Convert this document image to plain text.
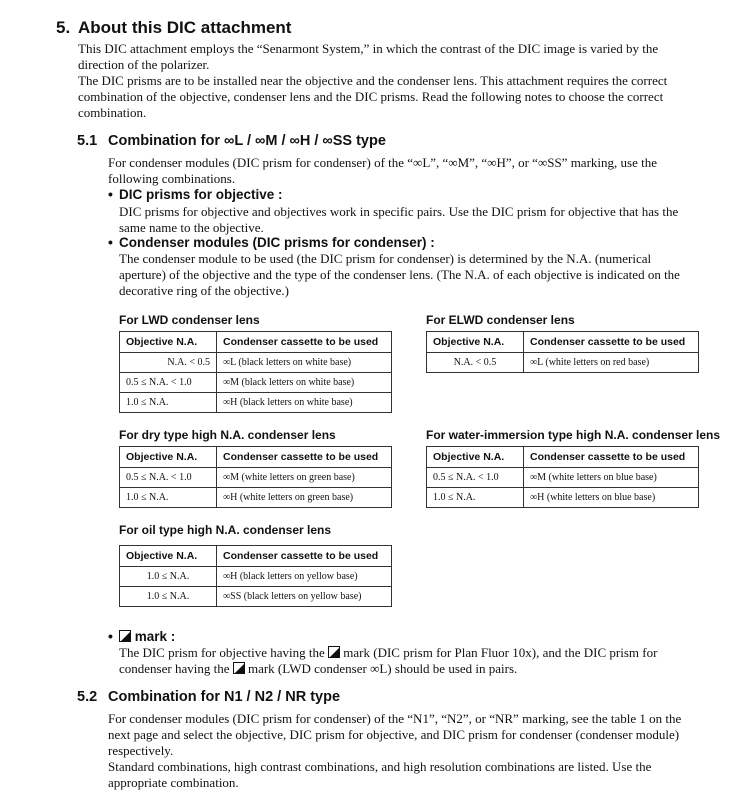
5. About this DIC attachment
This DIC attachment employs the “Senarmont System,” in which the contrast of the DIC image is varied by the
direction of the polarizer.
The DIC prisms are to be installed near the objective and the condenser lens. This attachment requires the correct
combination of the objective, condenser lens and the DIC prisms. Read the following notes to choose the correct
combination.
5.1 Combination for ∞L / ∞M / ∞H / ∞SS type
For condenser modules (DIC prism for condenser) of the “∞L”, “∞M”, “∞H”, or “∞SS” marking, use the
following combinations.
• DIC prisms for objective :
DIC prisms for objective and objectives work in specific pairs. Use the DIC prism for objective that has the
same name to the objective.
• Condenser modules (DIC prisms for condenser) :
The condenser module to be used (the DIC prism for condenser) is determined by the N.A. (numerical
aperture) of the objective and the type of the condenser lens. (The N.A. of each objective is indicated on the
decorative ring of the objective.)
For LWD condenser lens
Objective N.A.	Condenser cassette to be used
N.A. < 0.5	∞L (black letters on white base)
0.5 ≤ N.A. < 1.0	∞M (black letters on white base)
1.0 ≤ N.A.	∞H (black letters on white base)
For ELWD condenser lens
Objective N.A.	Condenser cassette to be used
N.A. < 0.5	∞L (white letters on red base)
For dry type high N.A. condenser lens
Objective N.A.	Condenser cassette to be used
0.5 ≤ N.A. < 1.0	∞M (white letters on green base)
1.0 ≤ N.A.	∞H (white letters on green base)
For water-immersion type high N.A. condenser lens
Objective N.A.	Condenser cassette to be used
0.5 ≤ N.A. < 1.0	∞M (white letters on blue base)
1.0 ≤ N.A.	∞H (white letters on blue base)
For oil type high N.A. condenser lens
Objective N.A.	Condenser cassette to be used
1.0 ≤ N.A.	∞H (black letters on yellow base)
1.0 ≤ N.A.	∞SS (black letters on yellow base)
• mark :
The DIC prism for objective having the mark (DIC prism for Plan Fluor 10x), and the DIC prism for
condenser having the mark (LWD condenser ∞L) should be used in pairs.
5.2 Combination for N1 / N2 / NR type
For condenser modules (DIC prism for condenser) of the “N1”, “N2”, or “NR” marking, see the table 1 on the
next page and select the objective, DIC prism for objective, and DIC prism for condenser (condenser module)
respectively.
Standard combinations, high contrast combinations, and high resolution combinations are listed. Use the
appropriate combination.
